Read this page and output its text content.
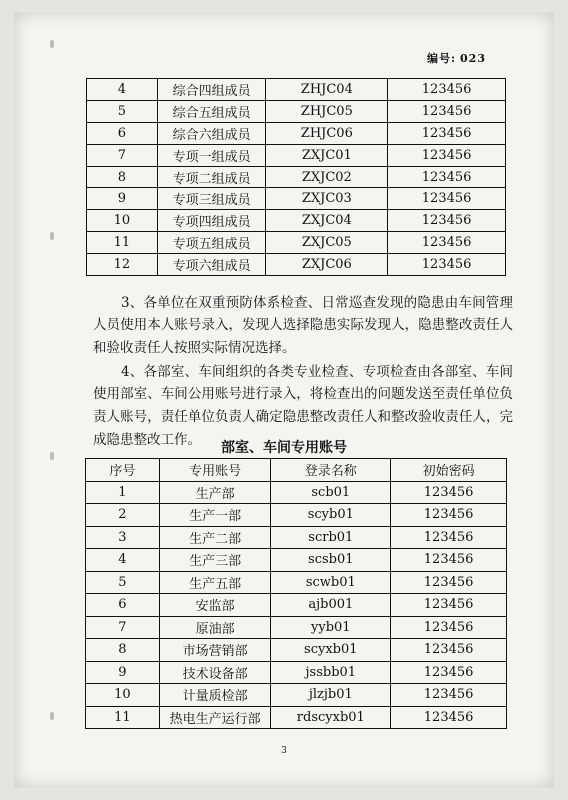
编号: 023
4	综合四组成员	ZHJC04	123456
5	综合五组成员	ZHJC05	123456
6	综合六组成员	ZHJC06	123456
7	专项一组成员	ZXJC01	123456
8	专项二组成员	ZXJC02	123456
9	专项三组成员	ZXJC03	123456
10	专项四组成员	ZXJC04	123456
11	专项五组成员	ZXJC05	123456
12	专项六组成员	ZXJC06	123456

3、各单位在双重预防体系检查、日常巡查发现的隐患由车间管理人员使用本人账号录入，发现人选择隐患实际发现人，隐患整改责任人和验收责任人按照实际情况选择。

4、各部室、车间组织的各类专业检查、专项检查由各部室、车间使用部室、车间公用账号进行录入，将检查出的问题发送至责任单位负责人账号，责任单位负责人确定隐患整改责任人和整改验收责任人，完成隐患整改工作。

部室、车间专用账号
序号	专用账号	登录名称	初始密码
1	生产部	scb01	123456
2	生产一部	scyb01	123456
3	生产二部	scrb01	123456
4	生产三部	scsb01	123456
5	生产五部	scwb01	123456
6	安监部	ajb001	123456
7	原油部	yyb01	123456
8	市场营销部	scyxb01	123456
9	技术设备部	jssbb01	123456
10	计量质检部	jlzjb01	123456
11	热电生产运行部	rdscyxb01	123456
3
